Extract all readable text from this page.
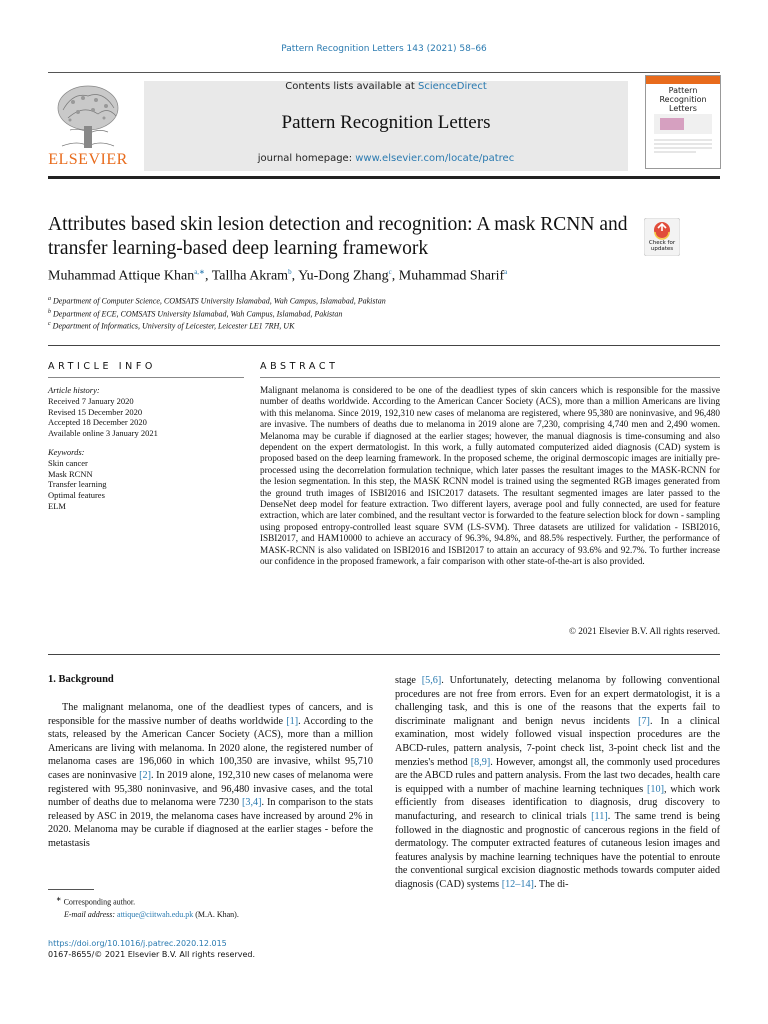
Pattern Recognition Letters 143 (2021) 58–66
ELSEVIER
Contents lists available at ScienceDirect
Pattern Recognition Letters
journal homepage: www.elsevier.com/locate/patrec
Pattern Recognition Letters
Attributes based skin lesion detection and recognition: A mask RCNN and transfer learning-based deep learning framework	Check for updates
Muhammad Attique Khan$^{a,∗}$, Tallha Akram$^b$, Yu-Dong Zhang$^c$, Muhammad Sharif$^a$
$^a$ Department of Computer Science, COMSATS University Islamabad, Wah Campus, Islamabad, Pakistan
$^b$ Department of ECE, COMSATS University Islamabad, Wah Campus, Islamabad, Pakistan
$^c$ Department of Informatics, University of Leicester, Leicester LE1 7RH, UK
ARTICLE INFO
Article history:
Received 7 January 2020
Revised 15 December 2020
Accepted 18 December 2020
Available online 3 January 2021
Keywords:
Skin cancer
Mask RCNN
Transfer learning
Optimal features
ELM
ABSTRACT
Malignant melanoma is considered to be one of the deadliest types of skin cancers which is responsible for the massive number of deaths worldwide. According to the American Cancer Society (ACS), more than a million Americans are living with this melanoma. Since 2019, 192,310 new cases of melanoma are registered, where 95,380 are noninvasive, and 96,480 are invasive. The numbers of deaths due to melanoma in 2019 alone are 7,230, comprising 4,740 men and 2,490 women. Melanoma may be curable if diagnosed at the earlier stages; however, the manual diagnosis is time-consuming and also dependent on the expert dermatologist. In this work, a fully automated computerized aided diagnosis (CAD) system is proposed based on the deep learning framework. In the proposed scheme, the original dermoscopic images are initially pre-processed using the decorrelation formulation technique, which later passes the resultant images to the MASK-RCNN for the lesion segmentation. In this step, the MASK RCNN model is trained using the segmented RGB images generated from the ground truth images of ISBI2016 and ISIC2017 datasets. The resultant segmented images are later passed to the DenseNet deep model for feature extraction. Two different layers, average pool and fully connected, are used for feature extraction, which are later combined, and the resultant vector is forwarded to the feature selection block for down - sampling using proposed entropy-controlled least square SVM (LS-SVM). Three datasets are utilized for validation - ISBI2016, ISBI2017, and HAM10000 to achieve an accuracy of 96.3%, 94.8%, and 88.5% respectively. Further, the performance of MASK-RCNN is also validated on ISBI2016 and ISBI2017 to attain an accuracy of 93.6% and 92.7%. To further increase our confidence in the proposed framework, a fair comparison with other state-of-the-art is also provided.
© 2021 Elsevier B.V. All rights reserved.
1. Background
The malignant melanoma, one of the deadliest types of cancers, and is responsible for the massive number of deaths worldwide [1]. According to the stats, released by the American Cancer Society (ACS), more than a million Americans are living with melanoma. In 2020 alone, the registered number of melanoma cases are 196,060 in which 100,350 are invasive, whilst 95,710 cases are noninvasive [2]. In 2019 alone, 192,310 new cases of melanoma were registered with 95,380 noninvasive, and 96,480 invasive cases, and the total number of deaths due to melanoma were 7230 [3,4]. In comparison to the stats released by ASC in 2019, the melanoma cases have increased by around 2% in 2020. Melanoma may be curable if diagnosed at the earlier stages - before the metastasis
stage [5,6]. Unfortunately, detecting melanoma by following conventional procedures are not free from errors. Even for an expert dermatologist, it is a challenging task, and this is one of the reasons that the experts fail to discriminate malignant and benign nevus incidents [7]. In a clinical examination, most widely followed visual inspection procedures are the ABCD-rules, pattern analysis, 7-point check list, 3-point check list and the menzies's method [8,9]. However, amongst all, the commonly used procedures are the ABCD rules and pattern analysis. From the last two decades, health care is equipped with a number of machine learning techniques [10], which work efficiently from diseases identification to diagnosis, drug discovery to manufacturing, and research to clinical trials [11]. The same trend is being followed in the diagnostic and prognostic of cancerous regions in the field of dermatology. The computer extracted features of cutaneous lesion images and features analysis by machine learning techniques have the potential to enroute the conventional surgical excision diagnostic methods towards computer aided diagnosis (CAD) systems [12–14]. The di-
∗ Corresponding author.
E-mail address: attique@ciitwah.edu.pk (M.A. Khan).
https://doi.org/10.1016/j.patrec.2020.12.015
0167-8655/© 2021 Elsevier B.V. All rights reserved.
